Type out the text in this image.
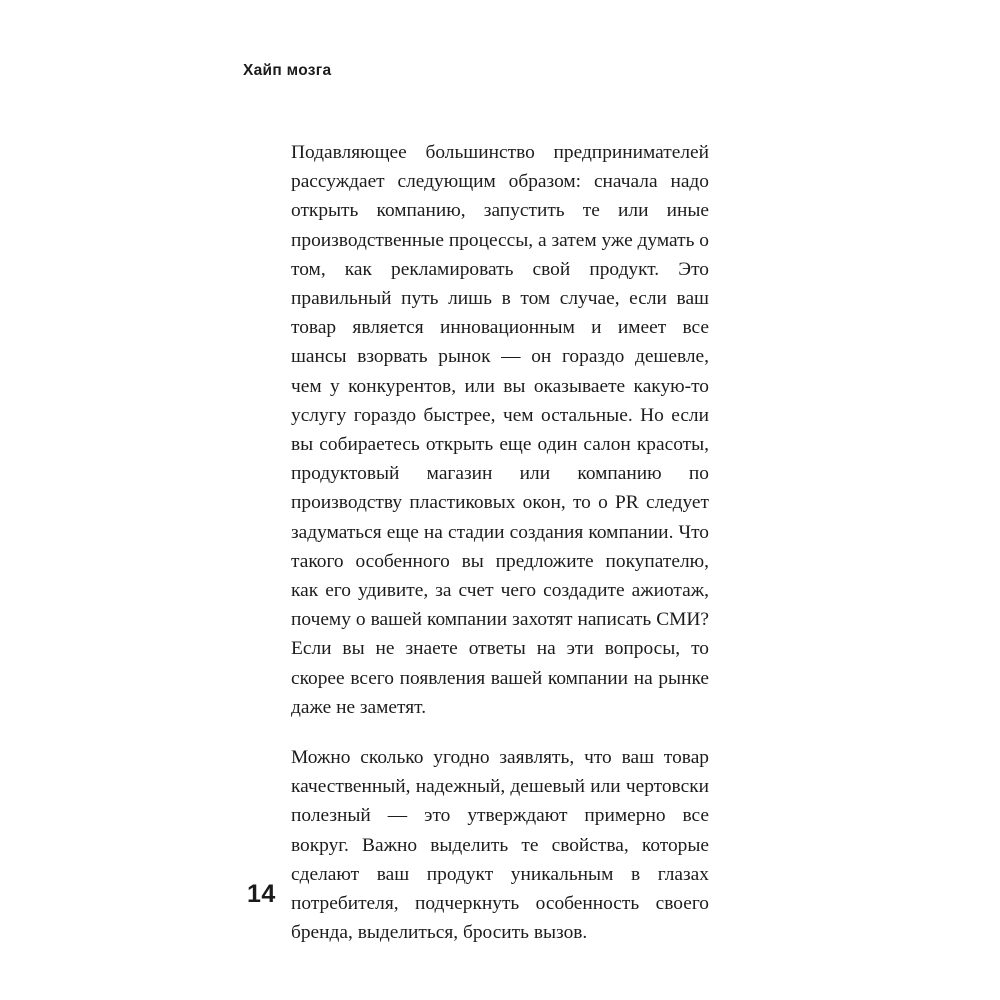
Хайп мозга

Подавляющее большинство предпринимателей рассуждает следующим образом: сначала надо открыть компанию, запустить те или иные производственные процессы, а затем уже думать о том, как рекламировать свой продукт. Это правильный путь лишь в том случае, если ваш товар является инновационным и имеет все шансы взорвать рынок — он гораздо дешевле, чем у конкурентов, или вы оказываете какую-то услугу гораздо быстрее, чем остальные. Но если вы собираетесь открыть еще один салон красоты, продуктовый магазин или компанию по производству пластиковых окон, то о PR следует задуматься еще на стадии создания компании. Что такого особенного вы предложите покупателю, как его удивите, за счет чего создадите ажиотаж, почему о вашей компании захотят написать СМИ? Если вы не знаете ответы на эти вопросы, то скорее всего появления вашей компании на рынке даже не заметят.

Можно сколько угодно заявлять, что ваш товар качественный, надежный, дешевый или чертовски полезный — это утверждают примерно все вокруг. Важно выделить те свойства, которые сделают ваш продукт уникальным в глазах потребителя, подчеркнуть особенность своего бренда, выделиться, бросить вызов.

14
